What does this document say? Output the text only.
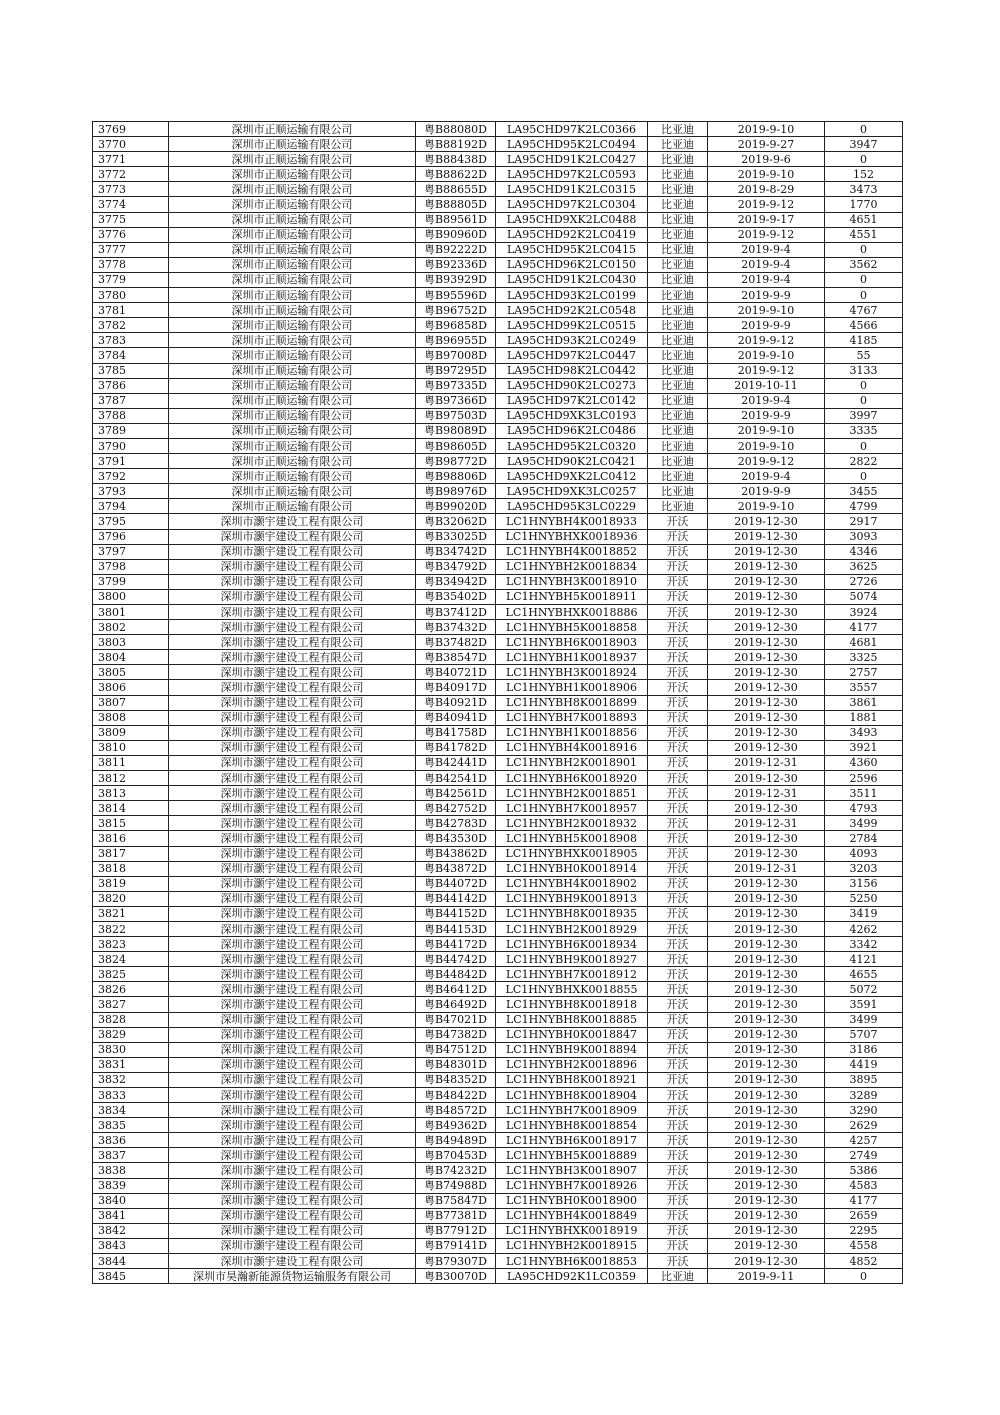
3769	深圳市正顺运输有限公司	粤B88080D	LA95CHD97K2LC0366	比亚迪	2019-9-10	0
3770	深圳市正顺运输有限公司	粤B88192D	LA95CHD95K2LC0494	比亚迪	2019-9-27	3947
3771	深圳市正顺运输有限公司	粤B88438D	LA95CHD91K2LC0427	比亚迪	2019-9-6	0
3772	深圳市正顺运输有限公司	粤B88622D	LA95CHD97K2LC0593	比亚迪	2019-9-10	152
3773	深圳市正顺运输有限公司	粤B88655D	LA95CHD91K2LC0315	比亚迪	2019-8-29	3473
3774	深圳市正顺运输有限公司	粤B88805D	LA95CHD97K2LC0304	比亚迪	2019-9-12	1770
3775	深圳市正顺运输有限公司	粤B89561D	LA95CHD9XK2LC0488	比亚迪	2019-9-17	4651
3776	深圳市正顺运输有限公司	粤B90960D	LA95CHD92K2LC0419	比亚迪	2019-9-12	4551
3777	深圳市正顺运输有限公司	粤B92222D	LA95CHD95K2LC0415	比亚迪	2019-9-4	0
3778	深圳市正顺运输有限公司	粤B92336D	LA95CHD96K2LC0150	比亚迪	2019-9-4	3562
3779	深圳市正顺运输有限公司	粤B93929D	LA95CHD91K2LC0430	比亚迪	2019-9-4	0
3780	深圳市正顺运输有限公司	粤B95596D	LA95CHD93K2LC0199	比亚迪	2019-9-9	0
3781	深圳市正顺运输有限公司	粤B96752D	LA95CHD92K2LC0548	比亚迪	2019-9-10	4767
3782	深圳市正顺运输有限公司	粤B96858D	LA95CHD99K2LC0515	比亚迪	2019-9-9	4566
3783	深圳市正顺运输有限公司	粤B96955D	LA95CHD93K2LC0249	比亚迪	2019-9-12	4185
3784	深圳市正顺运输有限公司	粤B97008D	LA95CHD97K2LC0447	比亚迪	2019-9-10	55
3785	深圳市正顺运输有限公司	粤B97295D	LA95CHD98K2LC0442	比亚迪	2019-9-12	3133
3786	深圳市正顺运输有限公司	粤B97335D	LA95CHD90K2LC0273	比亚迪	2019-10-11	0
3787	深圳市正顺运输有限公司	粤B97366D	LA95CHD97K2LC0142	比亚迪	2019-9-4	0
3788	深圳市正顺运输有限公司	粤B97503D	LA95CHD9XK3LC0193	比亚迪	2019-9-9	3997
3789	深圳市正顺运输有限公司	粤B98089D	LA95CHD96K2LC0486	比亚迪	2019-9-10	3335
3790	深圳市正顺运输有限公司	粤B98605D	LA95CHD95K2LC0320	比亚迪	2019-9-10	0
3791	深圳市正顺运输有限公司	粤B98772D	LA95CHD90K2LC0421	比亚迪	2019-9-12	2822
3792	深圳市正顺运输有限公司	粤B98806D	LA95CHD9XK2LC0412	比亚迪	2019-9-4	0
3793	深圳市正顺运输有限公司	粤B98976D	LA95CHD9XK3LC0257	比亚迪	2019-9-9	3455
3794	深圳市正顺运输有限公司	粤B99020D	LA95CHD95K3LC0229	比亚迪	2019-9-10	4799
3795	深圳市灏宇建设工程有限公司	粤B32062D	LC1HNYBH4K0018933	开沃	2019-12-30	2917
3796	深圳市灏宇建设工程有限公司	粤B33025D	LC1HNYBHXK0018936	开沃	2019-12-30	3093
3797	深圳市灏宇建设工程有限公司	粤B34742D	LC1HNYBH4K0018852	开沃	2019-12-30	4346
3798	深圳市灏宇建设工程有限公司	粤B34792D	LC1HNYBH2K0018834	开沃	2019-12-30	3625
3799	深圳市灏宇建设工程有限公司	粤B34942D	LC1HNYBH3K0018910	开沃	2019-12-30	2726
3800	深圳市灏宇建设工程有限公司	粤B35402D	LC1HNYBH5K0018911	开沃	2019-12-30	5074
3801	深圳市灏宇建设工程有限公司	粤B37412D	LC1HNYBHXK0018886	开沃	2019-12-30	3924
3802	深圳市灏宇建设工程有限公司	粤B37432D	LC1HNYBH5K0018858	开沃	2019-12-30	4177
3803	深圳市灏宇建设工程有限公司	粤B37482D	LC1HNYBH6K0018903	开沃	2019-12-30	4681
3804	深圳市灏宇建设工程有限公司	粤B38547D	LC1HNYBH1K0018937	开沃	2019-12-30	3325
3805	深圳市灏宇建设工程有限公司	粤B40721D	LC1HNYBH3K0018924	开沃	2019-12-30	2757
3806	深圳市灏宇建设工程有限公司	粤B40917D	LC1HNYBH1K0018906	开沃	2019-12-30	3557
3807	深圳市灏宇建设工程有限公司	粤B40921D	LC1HNYBH8K0018899	开沃	2019-12-30	3861
3808	深圳市灏宇建设工程有限公司	粤B40941D	LC1HNYBH7K0018893	开沃	2019-12-30	1881
3809	深圳市灏宇建设工程有限公司	粤B41758D	LC1HNYBH1K0018856	开沃	2019-12-30	3493
3810	深圳市灏宇建设工程有限公司	粤B41782D	LC1HNYBH4K0018916	开沃	2019-12-30	3921
3811	深圳市灏宇建设工程有限公司	粤B42441D	LC1HNYBH2K0018901	开沃	2019-12-31	4360
3812	深圳市灏宇建设工程有限公司	粤B42541D	LC1HNYBH6K0018920	开沃	2019-12-30	2596
3813	深圳市灏宇建设工程有限公司	粤B42561D	LC1HNYBH2K0018851	开沃	2019-12-31	3511
3814	深圳市灏宇建设工程有限公司	粤B42752D	LC1HNYBH7K0018957	开沃	2019-12-30	4793
3815	深圳市灏宇建设工程有限公司	粤B42783D	LC1HNYBH2K0018932	开沃	2019-12-31	3499
3816	深圳市灏宇建设工程有限公司	粤B43530D	LC1HNYBH5K0018908	开沃	2019-12-30	2784
3817	深圳市灏宇建设工程有限公司	粤B43862D	LC1HNYBHXK0018905	开沃	2019-12-30	4093
3818	深圳市灏宇建设工程有限公司	粤B43872D	LC1HNYBH0K0018914	开沃	2019-12-31	3203
3819	深圳市灏宇建设工程有限公司	粤B44072D	LC1HNYBH4K0018902	开沃	2019-12-30	3156
3820	深圳市灏宇建设工程有限公司	粤B44142D	LC1HNYBH9K0018913	开沃	2019-12-30	5250
3821	深圳市灏宇建设工程有限公司	粤B44152D	LC1HNYBH8K0018935	开沃	2019-12-30	3419
3822	深圳市灏宇建设工程有限公司	粤B44153D	LC1HNYBH2K0018929	开沃	2019-12-30	4262
3823	深圳市灏宇建设工程有限公司	粤B44172D	LC1HNYBH6K0018934	开沃	2019-12-30	3342
3824	深圳市灏宇建设工程有限公司	粤B44742D	LC1HNYBH9K0018927	开沃	2019-12-30	4121
3825	深圳市灏宇建设工程有限公司	粤B44842D	LC1HNYBH7K0018912	开沃	2019-12-30	4655
3826	深圳市灏宇建设工程有限公司	粤B46412D	LC1HNYBHXK0018855	开沃	2019-12-30	5072
3827	深圳市灏宇建设工程有限公司	粤B46492D	LC1HNYBH8K0018918	开沃	2019-12-30	3591
3828	深圳市灏宇建设工程有限公司	粤B47021D	LC1HNYBH8K0018885	开沃	2019-12-30	3499
3829	深圳市灏宇建设工程有限公司	粤B47382D	LC1HNYBH0K0018847	开沃	2019-12-30	5707
3830	深圳市灏宇建设工程有限公司	粤B47512D	LC1HNYBH9K0018894	开沃	2019-12-30	3186
3831	深圳市灏宇建设工程有限公司	粤B48301D	LC1HNYBH2K0018896	开沃	2019-12-30	4419
3832	深圳市灏宇建设工程有限公司	粤B48352D	LC1HNYBH8K0018921	开沃	2019-12-30	3895
3833	深圳市灏宇建设工程有限公司	粤B48422D	LC1HNYBH8K0018904	开沃	2019-12-30	3289
3834	深圳市灏宇建设工程有限公司	粤B48572D	LC1HNYBH7K0018909	开沃	2019-12-30	3290
3835	深圳市灏宇建设工程有限公司	粤B49362D	LC1HNYBH8K0018854	开沃	2019-12-30	2629
3836	深圳市灏宇建设工程有限公司	粤B49489D	LC1HNYBH6K0018917	开沃	2019-12-30	4257
3837	深圳市灏宇建设工程有限公司	粤B70453D	LC1HNYBH5K0018889	开沃	2019-12-30	2749
3838	深圳市灏宇建设工程有限公司	粤B74232D	LC1HNYBH3K0018907	开沃	2019-12-30	5386
3839	深圳市灏宇建设工程有限公司	粤B74988D	LC1HNYBH7K0018926	开沃	2019-12-30	4583
3840	深圳市灏宇建设工程有限公司	粤B75847D	LC1HNYBH0K0018900	开沃	2019-12-30	4177
3841	深圳市灏宇建设工程有限公司	粤B77381D	LC1HNYBH4K0018849	开沃	2019-12-30	2659
3842	深圳市灏宇建设工程有限公司	粤B77912D	LC1HNYBHXK0018919	开沃	2019-12-30	2295
3843	深圳市灏宇建设工程有限公司	粤B79141D	LC1HNYBH2K0018915	开沃	2019-12-30	4558
3844	深圳市灏宇建设工程有限公司	粤B79307D	LC1HNYBH6K0018853	开沃	2019-12-30	4852
3845	深圳市昊瀚新能源货物运输服务有限公司	粤B30070D	LA95CHD92K1LC0359	比亚迪	2019-9-11	0
